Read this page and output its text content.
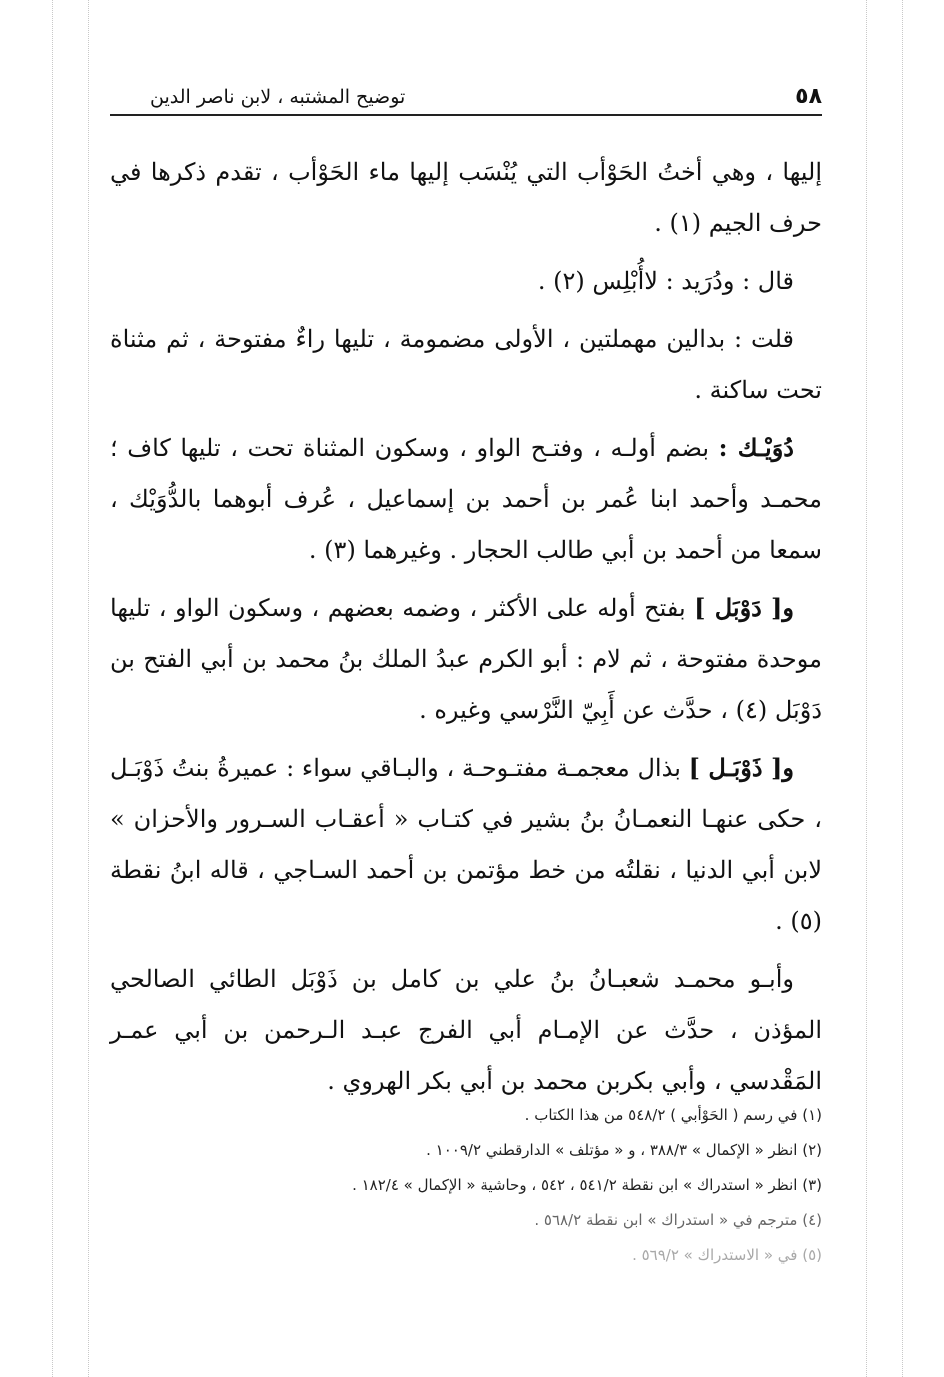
٥٨
توضيح المشتبه ، لابن ناصر الدين

إليها ، وهي أختُ الحَوْأب التي يُنْسَب إليها ماء الحَوْأب ، تقدم ذكرها في حرف الجيم (١) .

قال : ودُرَيد : لاأُبْلِس (٢) .

قلت : بدالين مهملتين ، الأولى مضمومة ، تليها راءٌ مفتوحة ، ثم مثناة تحت ساكنة .

دُوَيْـك : بضم أولـه ، وفتـح الواو ، وسكون المثناة تحت ، تليها كاف ؛ محمـد وأحمد ابنا عُمر بن أحمد بن إسماعيل ، عُرف أبوهما بالدُّوَيْك ، سمعا من أحمد بن أبي طالب الحجار . وغيرهما (٣) .

و[ دَوْبَل ] بفتح أوله على الأكثر ، وضمه بعضهم ، وسكون الواو ، تليها موحدة مفتوحة ، ثم لام : أبو الكرم عبدُ الملك بنُ محمد بن أبي الفتح بن دَوْبَل (٤) ، حدَّث عن أَبِيّ النَّرْسي وغيره .

و[ ذَوْبَـل ] بذال معجمـة مفتـوحـة ، والبـاقي سواء : عميرةُ بنتُ ذَوْبَـل ، حكى عنهـا النعمـانُ بنُ بشير في كتـاب « أعقـاب السـرور والأحزان » لابن أبي الدنيا ، نقلتُه من خط مؤتمن بن أحمد السـاجي ، قاله ابنُ نقطة (٥) .

وأبـو محمـد شعبـانُ بنُ علي بن كامل بن ذَوْبَل الطائي الصالحي المؤذن ، حدَّث عن الإمـام أبي الفرج عبـد الـرحمن بن أبي عمـر المَقْدسي ، وأبي بكربن محمد بن أبي بكر الهروي .

(١) في رسم ( الحَوْأبي ) ٥٤٨/٢ من هذا الكتاب .
(٢) انظر « الإكمال » ٣٨٨/٣ ، و « مؤتلف » الدارقطني ١٠٠٩/٢ .
(٣) انظر « استدراك » ابن نقطة ٥٤١/٢ ، ٥٤٢ ، وحاشية « الإكمال » ١٨٢/٤ .
(٤) مترجم في « استدراك » ابن نقطة ٥٦٨/٢ .
(٥) في « الاستدراك » ٥٦٩/٢ .
